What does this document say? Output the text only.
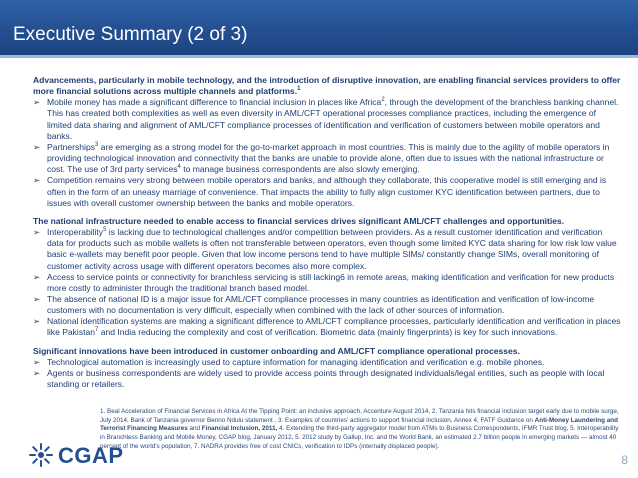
Executive Summary (2 of 3)

Advancements, particularly in mobile technology, and the introduction of disruptive innovation, are enabling financial services providers to offer more financial solutions across multiple channels and platforms.$^1$

➢ Mobile money has made a significant difference to financial inclusion in places like Africa$^2$, through the development of the branchless banking channel. This has created both complexities as well as even diversity in AML/CFT operational processes compliance practices, including the emergence of limited data sharing and alignment of AML/CFT compliance processes of identification and verification of customers between mobile operators and banks.

➢ Partnerships$^3$ are emerging as a strong model for the go-to-market approach in most countries. This is mainly due to the agility of mobile operators in providing technological innovation and connectivity that the banks are unable to provide alone, often due to issues with the national infrastructure or cost. The use of 3rd party services$^4$ to manage business correspondents are also slowly emerging.

➢ Competition remains very strong between mobile operators and banks, and although they collaborate, this cooperative model is still emerging and is often in the form of an uneasy marriage of convenience. That impacts the ability to fully align customer KYC identification between partners, due to issues with overall customer ownership between the banks and mobile operators.

The national infrastructure needed to enable access to financial services drives significant AML/CFT challenges and opportunities.

➢ Interoperability$^5$ is lacking due to technological challenges and/or competition between providers. As a result customer identification and verification data for products such as mobile wallets is often not transferable between operators, even though some limited KYC data sharing for low risk low value basic e-wallets may benefit poor people. Given that low income persons tend to have multiple SIMs/ constantly change SIMs, overall monitoring of customer activity across usage with different operators becomes also more complex.

➢ Access to service points or connectivity for branchless servicing is still lacking6 in remote areas, making identification and verification for new products more costly to administer through the traditional branch based model.

➢ The absence of national ID is a major issue for AML/CFT compliance processes in many countries as identification and verification of low-income customers with no documentation is very difficult, especially when combined with the lack of other sources of information.

➢ National identification systems are making a significant difference to AML/CFT compliance processes, particularly identification and verification in places like Pakistan$^7$ and India reducing the complexity and cost of verification. Biometric data (mainly fingerprints) is key for such innovations.

Significant innovations have been introduced in customer onboarding and AML/CFT compliance operational processes.

➢ Technological automation is increasingly used to capture information for managing identification and verification e.g. mobile phones.

➢ Agents or business correspondents are widely used to provide access points through designated individuals/legal entities, such as people with local standing or retailers.

1. Beal Acceleration of Financial Services in Africa At the Tipping Point: an inclusive approach, Accenture August 2014, 2. Tanzania hits financial inclusion target early due to mobile surge, July 2014, Bank of Tanzania governor Benno Ndulu statement , 3. Examples of countries' actions to support financial inclusion, Annex 4, FATF Guidance on Anti-Money Laundering and Terrorist Financing Measures and Financial Inclusion, 2011, 4. Extending the third-party aggregator model from ATMs to Business Correspondents, IFMR Trust blog, 5. Interoperability in Branchless Banking and Mobile Money, CGAP blog, January 2012, 5. 2012 study by Gallup, Inc. and the World Bank, an estimated 2.7 billion people in emerging markets — almost 40 percent of the world's population, 7. NADRA provides free of cost CNICs, verification to IDPs (internally displaced people).
CGAP	8
